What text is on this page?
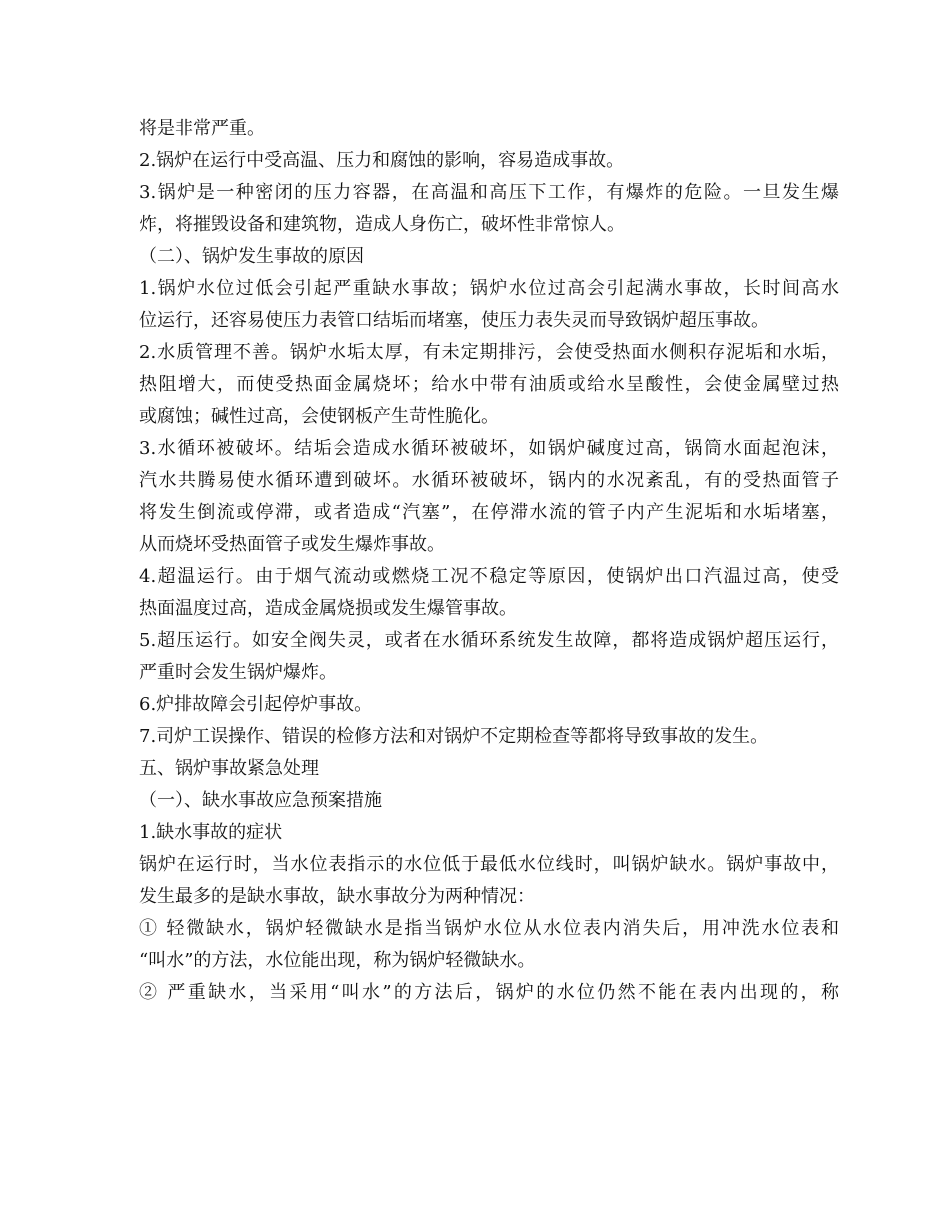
将是非常严重。
2.锅炉在运行中受高温、压力和腐蚀的影响，容易造成事故。
3.锅炉是一种密闭的压力容器，在高温和高压下工作，有爆炸的危险。一旦发生爆
炸，将摧毁设备和建筑物，造成人身伤亡，破坏性非常惊人。
（二）、锅炉发生事故的原因
1.锅炉水位过低会引起严重缺水事故；锅炉水位过高会引起满水事故，长时间高水
位运行，还容易使压力表管口结垢而堵塞，使压力表失灵而导致锅炉超压事故。
2.水质管理不善。锅炉水垢太厚，有未定期排污，会使受热面水侧积存泥垢和水垢，
热阻增大，而使受热面金属烧坏；给水中带有油质或给水呈酸性，会使金属壁过热
或腐蚀；碱性过高，会使钢板产生苛性脆化。
3.水循环被破坏。结垢会造成水循环被破坏，如锅炉碱度过高，锅筒水面起泡沫，
汽水共腾易使水循环遭到破坏。水循环被破坏，锅内的水况紊乱，有的受热面管子
将发生倒流或停滞，或者造成“汽塞”，在停滞水流的管子内产生泥垢和水垢堵塞，
从而烧坏受热面管子或发生爆炸事故。
4.超温运行。由于烟气流动或燃烧工况不稳定等原因，使锅炉出口汽温过高，使受
热面温度过高，造成金属烧损或发生爆管事故。
5.超压运行。如安全阀失灵，或者在水循环系统发生故障，都将造成锅炉超压运行，
严重时会发生锅炉爆炸。
6.炉排故障会引起停炉事故。
7.司炉工误操作、错误的检修方法和对锅炉不定期检查等都将导致事故的发生。
五、锅炉事故紧急处理
（一）、缺水事故应急预案措施
1.缺水事故的症状
锅炉在运行时，当水位表指示的水位低于最低水位线时，叫锅炉缺水。锅炉事故中，
发生最多的是缺水事故，缺水事故分为两种情况：
① 轻微缺水，锅炉轻微缺水是指当锅炉水位从水位表内消失后，用冲洗水位表和
“叫水”的方法，水位能出现，称为锅炉轻微缺水。
② 严重缺水，当采用“叫水”的方法后，锅炉的水位仍然不能在表内出现的，称
